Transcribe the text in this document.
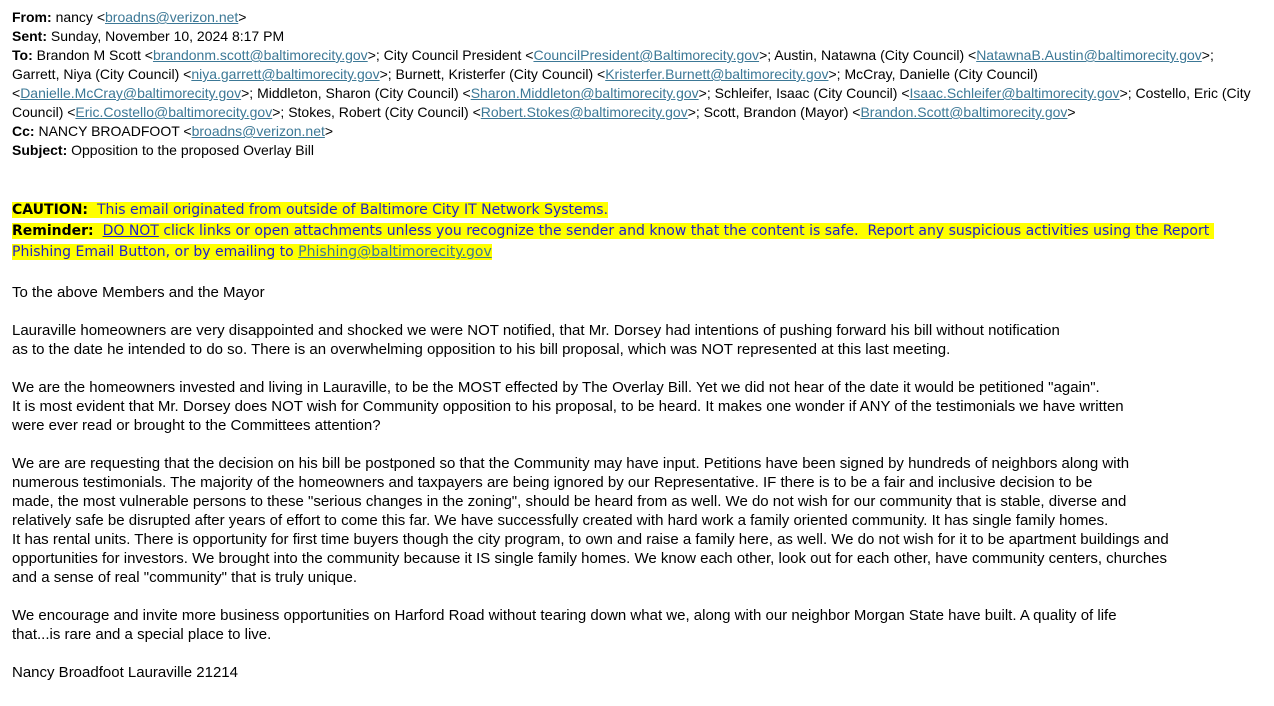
From: nancy <broadns@verizon.net>
Sent: Sunday, November 10, 2024 8:17 PM
To: Brandon M Scott <brandonm.scott@baltimorecity.gov>; City Council President <CouncilPresident@Baltimorecity.gov>; Austin, Natawna (City Council) <NatawnaB.Austin@baltimorecity.gov>; Garrett, Niya (City Council) <niya.garrett@baltimorecity.gov>; Burnett, Kristerfer (City Council) <Kristerfer.Burnett@baltimorecity.gov>; McCray, Danielle (City Council) <Danielle.McCray@baltimorecity.gov>; Middleton, Sharon (City Council) <Sharon.Middleton@baltimorecity.gov>; Schleifer, Isaac (City Council) <Isaac.Schleifer@baltimorecity.gov>; Costello, Eric (City Council) <Eric.Costello@baltimorecity.gov>; Stokes, Robert (City Council) <Robert.Stokes@baltimorecity.gov>; Scott, Brandon (Mayor) <Brandon.Scott@baltimorecity.gov>
Cc: NANCY BROADFOOT <broadns@verizon.net>
Subject: Opposition to the proposed Overlay Bill
CAUTION: This email originated from outside of Baltimore City IT Network Systems.
Reminder: DO NOT click links or open attachments unless you recognize the sender and know that the content is safe.  Report any suspicious activities using the Report Phishing Email Button, or by emailing to Phishing@baltimorecity.gov
To the above Members and the Mayor
Lauraville homeowners are very disappointed and shocked we were NOT notified, that Mr. Dorsey had intentions of pushing forward his bill without notification
as to the date he intended to do so. There is an overwhelming opposition to his bill proposal, which was NOT represented at this last meeting.
We are the homeowners invested and living in Lauraville, to be the MOST effected by The Overlay Bill. Yet we did not hear of the date it would be petitioned "again".
It is most evident that Mr. Dorsey does NOT wish for Community opposition to his proposal, to be heard. It makes one wonder if ANY of the testimonials we have written
were ever read or brought to the Committees attention?
We are are requesting that the decision on his bill be postponed so that the Community may have input. Petitions have been signed by hundreds of neighbors along with
numerous testimonials. The majority of the homeowners and taxpayers are being ignored by our Representative. IF there is to be a fair and inclusive decision to be
made, the most vulnerable persons to these "serious changes in the zoning", should be heard from as well. We do not wish for our community that is stable, diverse and
relatively safe be disrupted after years of effort to come this far. We have successfully created with hard work a family oriented community. It has single family homes.
It has rental units. There is opportunity for first time buyers though the city program, to own and raise a family here, as well. We do not wish for it to be apartment buildings and
opportunities for investors. We brought into the community because it IS single family homes. We know each other, look out for each other, have community centers, churches
and a sense of real "community" that is truly unique.
We encourage and invite more business opportunities on Harford Road without tearing down what we, along with our neighbor Morgan State have built. A quality of life
that...is rare and a special place to live.
Nancy Broadfoot Lauraville 21214
